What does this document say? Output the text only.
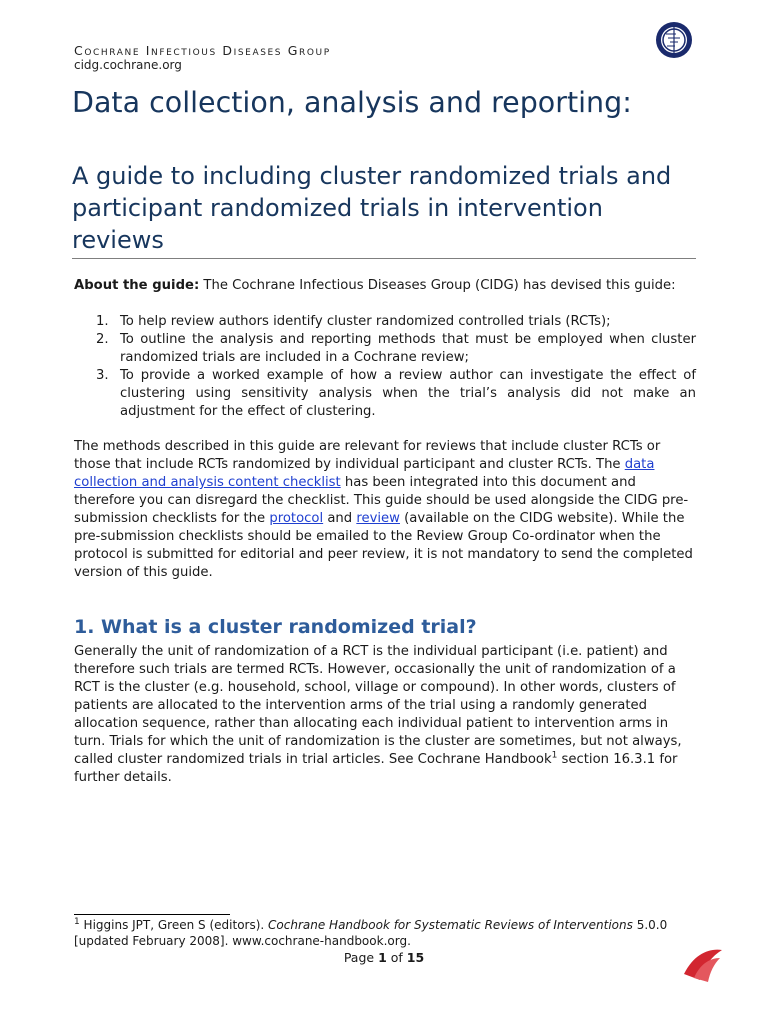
Cochrane Infectious Diseases Group
cidg.cochrane.org
Data collection, analysis and reporting:
A guide to including cluster randomized trials and participant randomized trials in intervention reviews
About the guide: The Cochrane Infectious Diseases Group (CIDG) has devised this guide:
1. To help review authors identify cluster randomized controlled trials (RCTs);
2. To outline the analysis and reporting methods that must be employed when cluster randomized trials are included in a Cochrane review;
3. To provide a worked example of how a review author can investigate the effect of clustering using sensitivity analysis when the trial’s analysis did not make an adjustment for the effect of clustering.
The methods described in this guide are relevant for reviews that include cluster RCTs or those that include RCTs randomized by individual participant and cluster RCTs. The data collection and analysis content checklist has been integrated into this document and therefore you can disregard the checklist. This guide should be used alongside the CIDG pre-submission checklists for the protocol and review (available on the CIDG website). While the pre-submission checklists should be emailed to the Review Group Co-ordinator when the protocol is submitted for editorial and peer review, it is not mandatory to send the completed version of this guide.
1. What is a cluster randomized trial?
Generally the unit of randomization of a RCT is the individual participant (i.e. patient) and therefore such trials are termed RCTs. However, occasionally the unit of randomization of a RCT is the cluster (e.g. household, school, village or compound). In other words, clusters of patients are allocated to the intervention arms of the trial using a randomly generated allocation sequence, rather than allocating each individual patient to intervention arms in turn. Trials for which the unit of randomization is the cluster are sometimes, but not always, called cluster randomized trials in trial articles. See Cochrane Handbook$^1$ section 16.3.1 for further details.
$^1$ Higgins JPT, Green S (editors). Cochrane Handbook for Systematic Reviews of Interventions 5.0.0 [updated February 2008]. www.cochrane-handbook.org.
Page 1 of 15
